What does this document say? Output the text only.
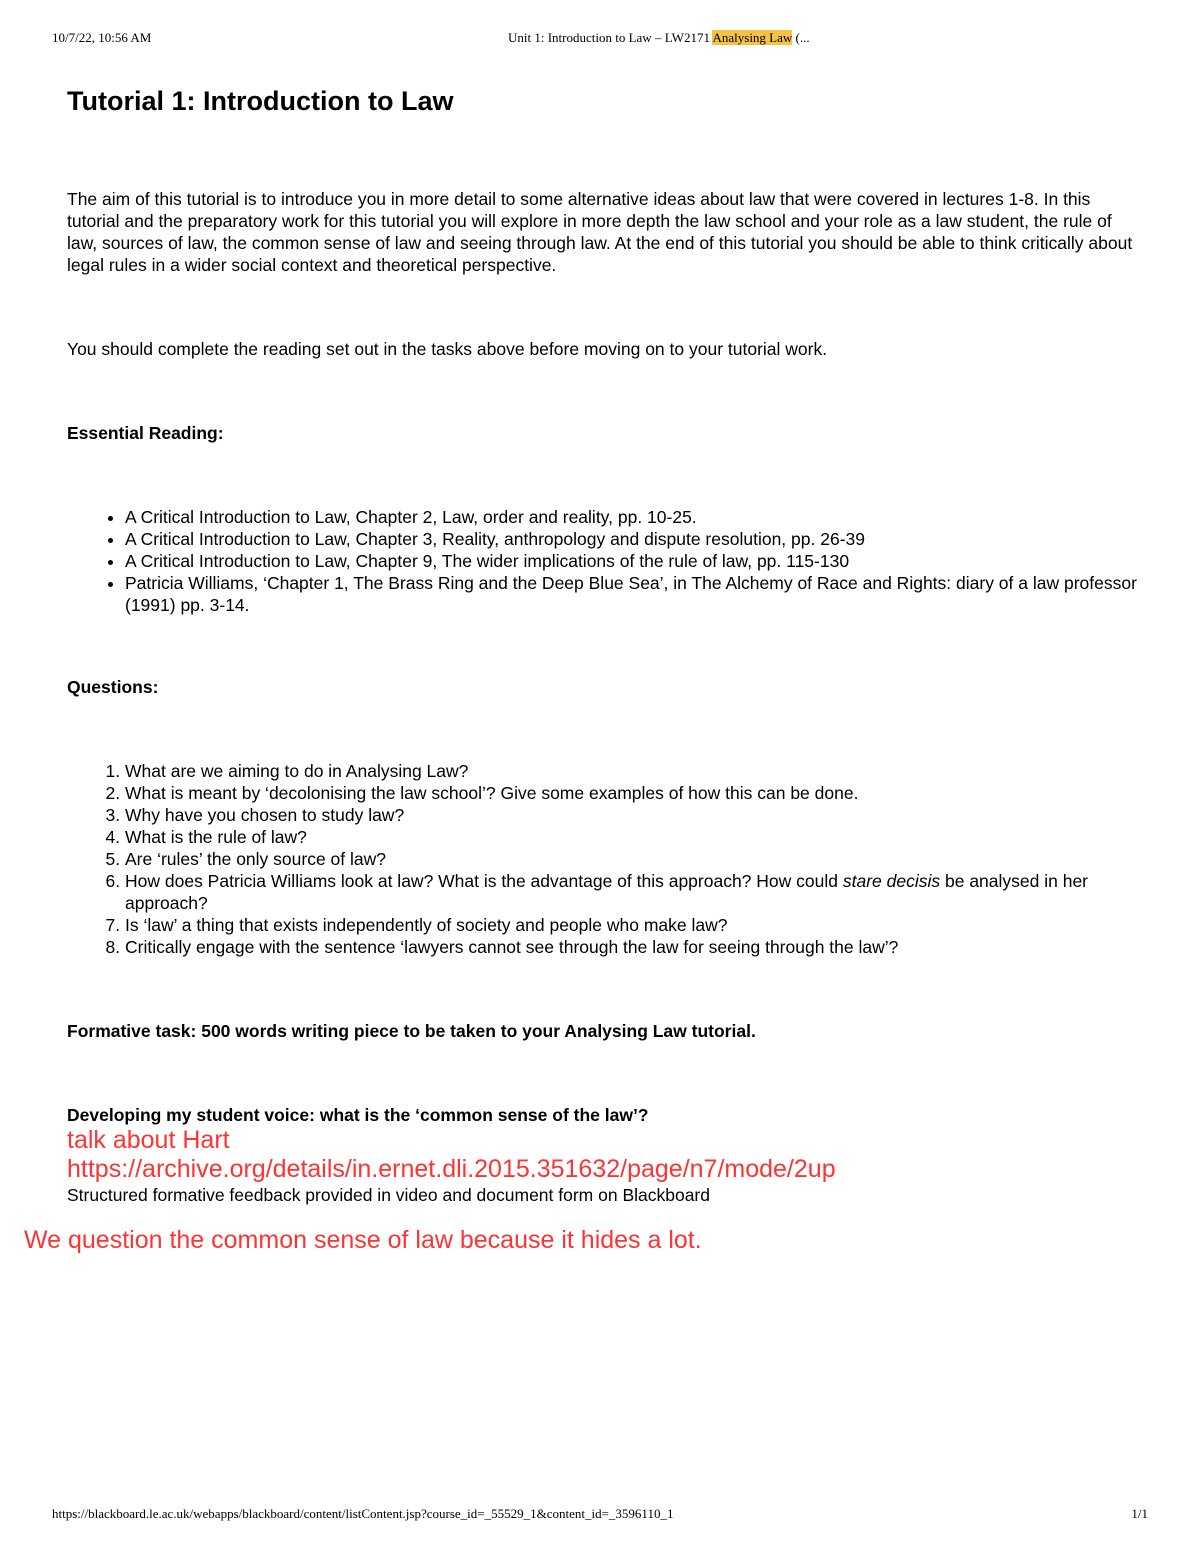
10/7/22, 10:56 AM	Unit 1: Introduction to Law – LW2171 Analysing Law (...
Tutorial 1: Introduction to Law

The aim of this tutorial is to introduce you in more detail to some alternative ideas about law that were covered in lectures 1-8. In this tutorial and the preparatory work for this tutorial you will explore in more depth the law school and your role as a law student, the rule of law, sources of law, the common sense of law and seeing through law. At the end of this tutorial you should be able to think critically about legal rules in a wider social context and theoretical perspective.

You should complete the reading set out in the tasks above before moving on to your tutorial work.

Essential Reading:

• A Critical Introduction to Law, Chapter 2, Law, order and reality, pp. 10-25.
• A Critical Introduction to Law, Chapter 3, Reality, anthropology and dispute resolution, pp. 26-39
• A Critical Introduction to Law, Chapter 9, The wider implications of the rule of law, pp. 115-130
• Patricia Williams, ‘Chapter 1, The Brass Ring and the Deep Blue Sea’, in The Alchemy of Race and Rights: diary of a law professor (1991) pp. 3-14.

Questions:

1. What are we aiming to do in Analysing Law?
2. What is meant by ‘decolonising the law school’? Give some examples of how this can be done.
3. Why have you chosen to study law?
4. What is the rule of law?
5. Are ‘rules’ the only source of law?
6. How does Patricia Williams look at law? What is the advantage of this approach? How could stare decisis be analysed in her approach?
7. Is ‘law’ a thing that exists independently of society and people who make law?
8. Critically engage with the sentence ‘lawyers cannot see through the law for seeing through the law’?

Formative task: 500 words writing piece to be taken to your Analysing Law tutorial.

Developing my student voice: what is the ‘common sense of the law’?

talk about Hart
https://archive.org/details/in.ernet.dli.2015.351632/page/n7/mode/2up
Structured formative feedback provided in video and document form on Blackboard
We question the common sense of law because it hides a lot.
https://blackboard.le.ac.uk/webapps/blackboard/content/listContent.jsp?course_id=_55529_1&content_id=_3596110_1	1/1
